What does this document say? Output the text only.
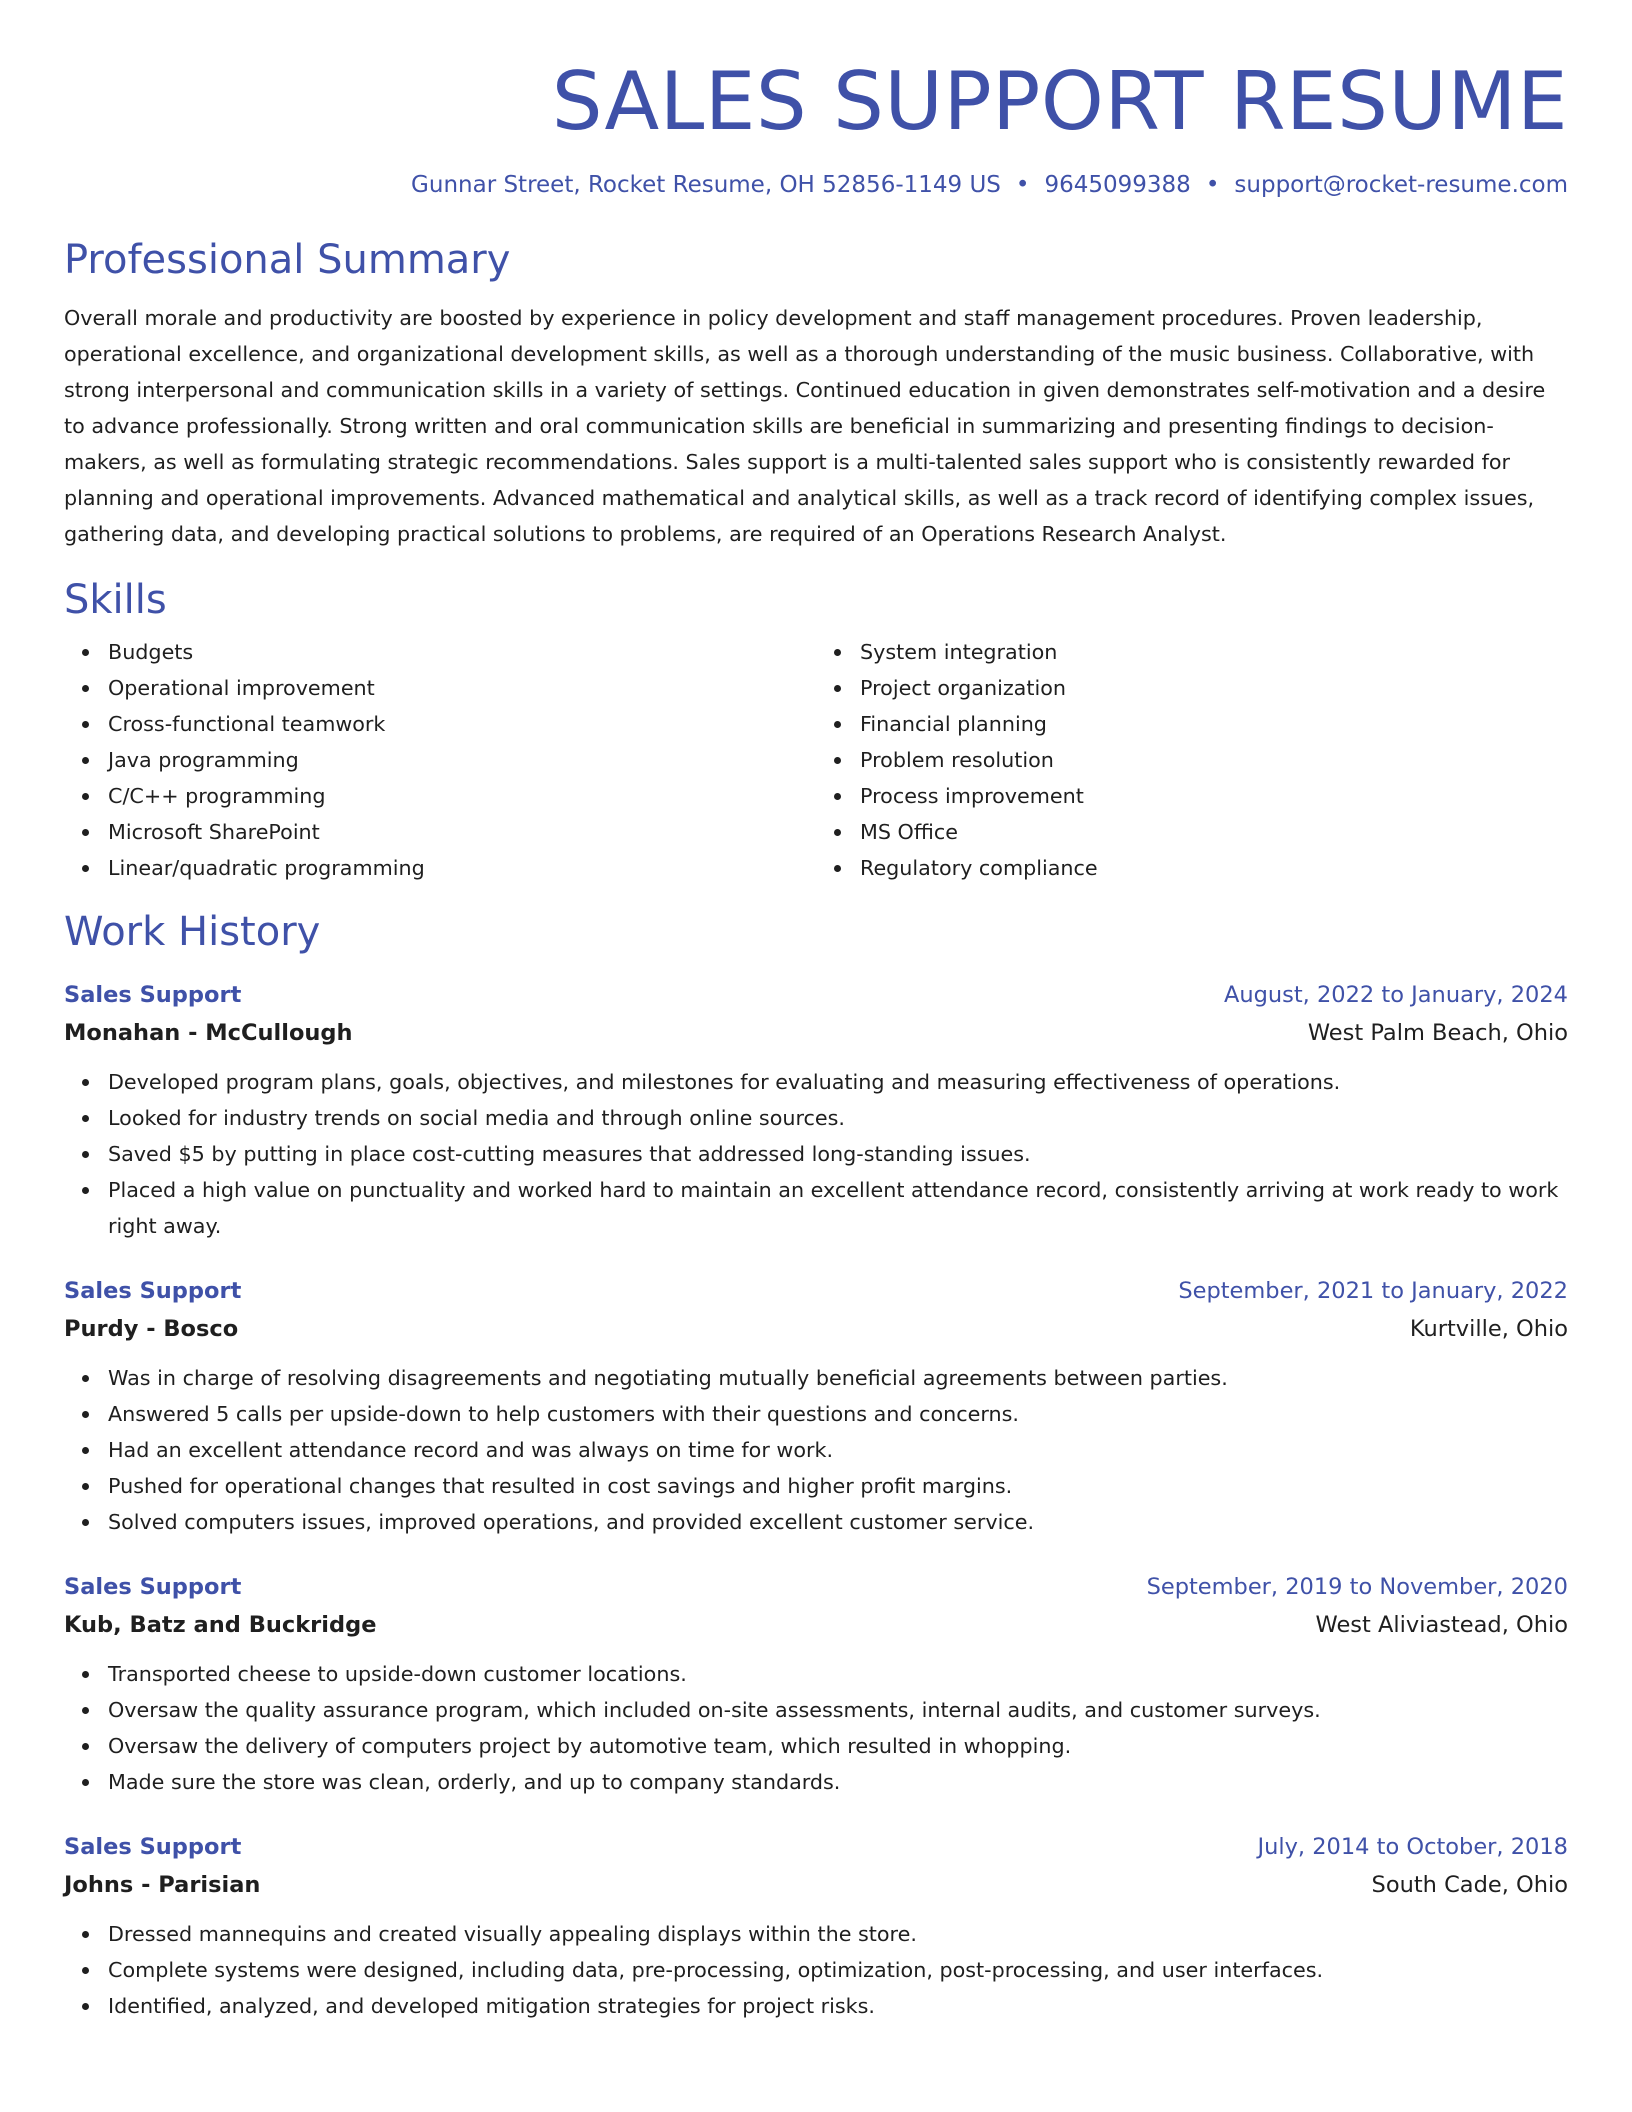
SALES SUPPORT RESUME
Gunnar Street, Rocket Resume, OH 52856-1149 US • 9645099388 • support@rocket-resume.com
Professional Summary

Overall morale and productivity are boosted by experience in policy development and staff management procedures. Proven leadership, operational excellence, and organizational development skills, as well as a thorough understanding of the music business. Collaborative, with strong interpersonal and communication skills in a variety of settings. Continued education in given demonstrates self-motivation and a desire to advance professionally. Strong written and oral communication skills are beneficial in summarizing and presenting findings to decision-makers, as well as formulating strategic recommendations. Sales support is a multi-talented sales support who is consistently rewarded for planning and operational improvements. Advanced mathematical and analytical skills, as well as a track record of identifying complex issues, gathering data, and developing practical solutions to problems, are required of an Operations Research Analyst.

Skills
Budgets
Operational improvement
Cross-functional teamwork
Java programming
C/C++ programming
Microsoft SharePoint
Linear/quadratic programming
System integration
Project organization
Financial planning
Problem resolution
Process improvement
MS Office
Regulatory compliance
Work History
Sales Support	August, 2022 to January, 2024
Monahan - McCullough	West Palm Beach, Ohio
Developed program plans, goals, objectives, and milestones for evaluating and measuring effectiveness of operations.
Looked for industry trends on social media and through online sources.
Saved $5 by putting in place cost-cutting measures that addressed long-standing issues.
Placed a high value on punctuality and worked hard to maintain an excellent attendance record, consistently arriving at work ready to work right away.
Sales Support	September, 2021 to January, 2022
Purdy - Bosco	Kurtville, Ohio
Was in charge of resolving disagreements and negotiating mutually beneficial agreements between parties.
Answered 5 calls per upside-down to help customers with their questions and concerns.
Had an excellent attendance record and was always on time for work.
Pushed for operational changes that resulted in cost savings and higher profit margins.
Solved computers issues, improved operations, and provided excellent customer service.
Sales Support	September, 2019 to November, 2020
Kub, Batz and Buckridge	West Aliviastead, Ohio
Transported cheese to upside-down customer locations.
Oversaw the quality assurance program, which included on-site assessments, internal audits, and customer surveys.
Oversaw the delivery of computers project by automotive team, which resulted in whopping.
Made sure the store was clean, orderly, and up to company standards.
Sales Support	July, 2014 to October, 2018
Johns - Parisian	South Cade, Ohio
Dressed mannequins and created visually appealing displays within the store.
Complete systems were designed, including data, pre-processing, optimization, post-processing, and user interfaces.
Identified, analyzed, and developed mitigation strategies for project risks.
